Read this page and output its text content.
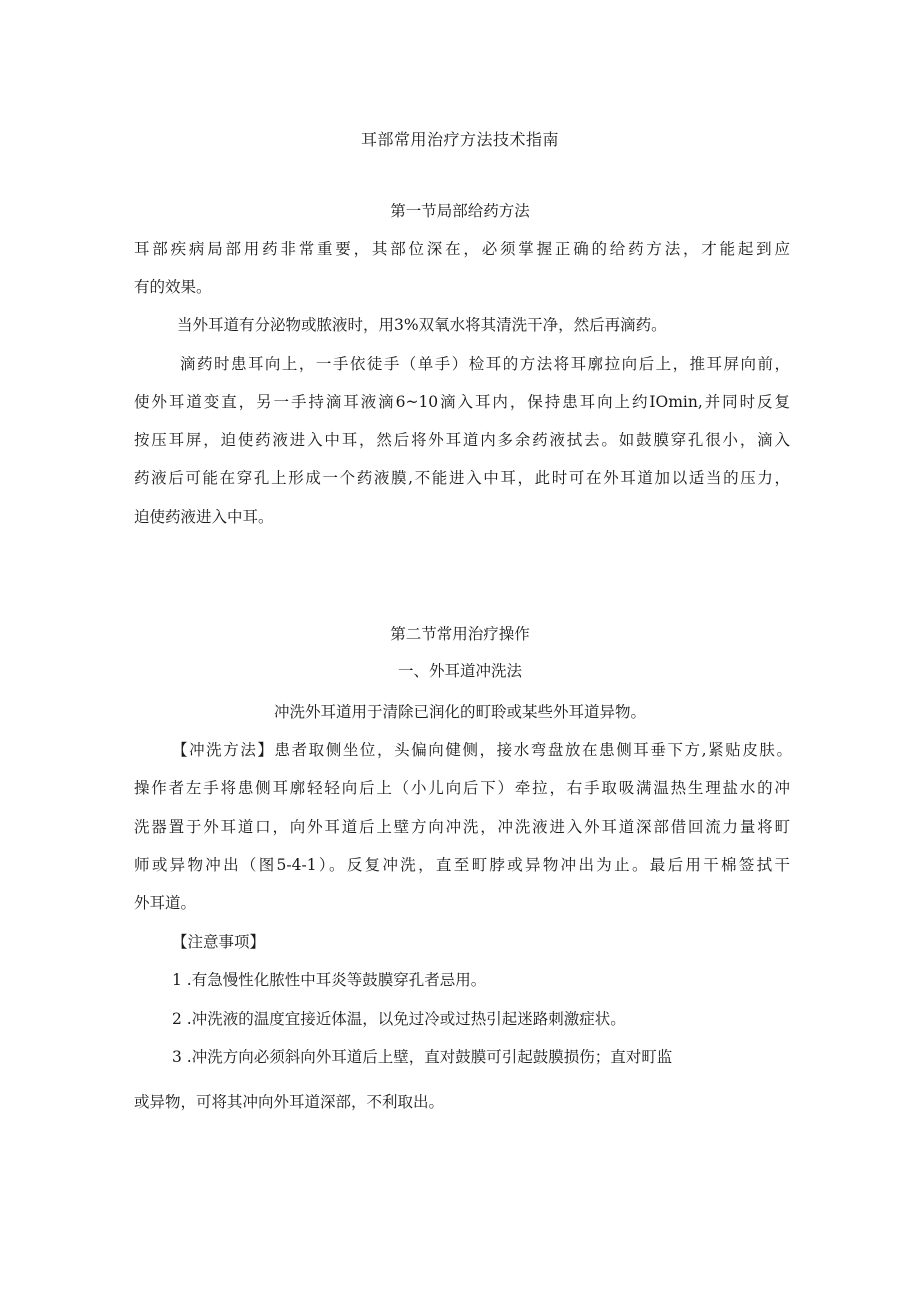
耳部常用治疗方法技术指南
第一节局部给药方法
耳部疾病局部用药非常重要，其部位深在，必须掌握正确的给药方法，才能起到应
有的效果。
当外耳道有分泌物或脓液时，用3%双氧水将其清洗干净，然后再滴药。
滴药时患耳向上，一手依徒手（单手）检耳的方法将耳廓拉向后上，推耳屏向前，
使外耳道变直，另一手持滴耳液滴6~10滴入耳内，保持患耳向上约IOmin,并同时反复
按压耳屏，迫使药液进入中耳，然后将外耳道内多余药液拭去。如鼓膜穿孔很小，滴入
药液后可能在穿孔上形成一个药液膜,不能进入中耳，此时可在外耳道加以适当的压力，
迫使药液进入中耳。
第二节常用治疗操作
一、外耳道冲洗法
冲洗外耳道用于清除已润化的町聆或某些外耳道异物。
【冲洗方法】患者取侧坐位，头偏向健侧，接水弯盘放在患侧耳垂下方,紧贴皮肤。
操作者左手将患侧耳廓轻轻向后上（小儿向后下）牵拉，右手取吸满温热生理盐水的冲
洗器置于外耳道口，向外耳道后上壁方向冲洗，冲洗液进入外耳道深部借回流力量将町
师或异物冲出（图5-4-1）。反复冲洗，直至町脖或异物冲出为止。最后用干棉签拭干
外耳道。
【注意事项】
1 .有急慢性化脓性中耳炎等鼓膜穿孔者忌用。
2 .冲洗液的温度宜接近体温，以免过冷或过热引起迷路刺激症状。
3 .冲洗方向必须斜向外耳道后上壁，直对鼓膜可引起鼓膜损伤；直对町监
或异物，可将其冲向外耳道深部，不利取出。
